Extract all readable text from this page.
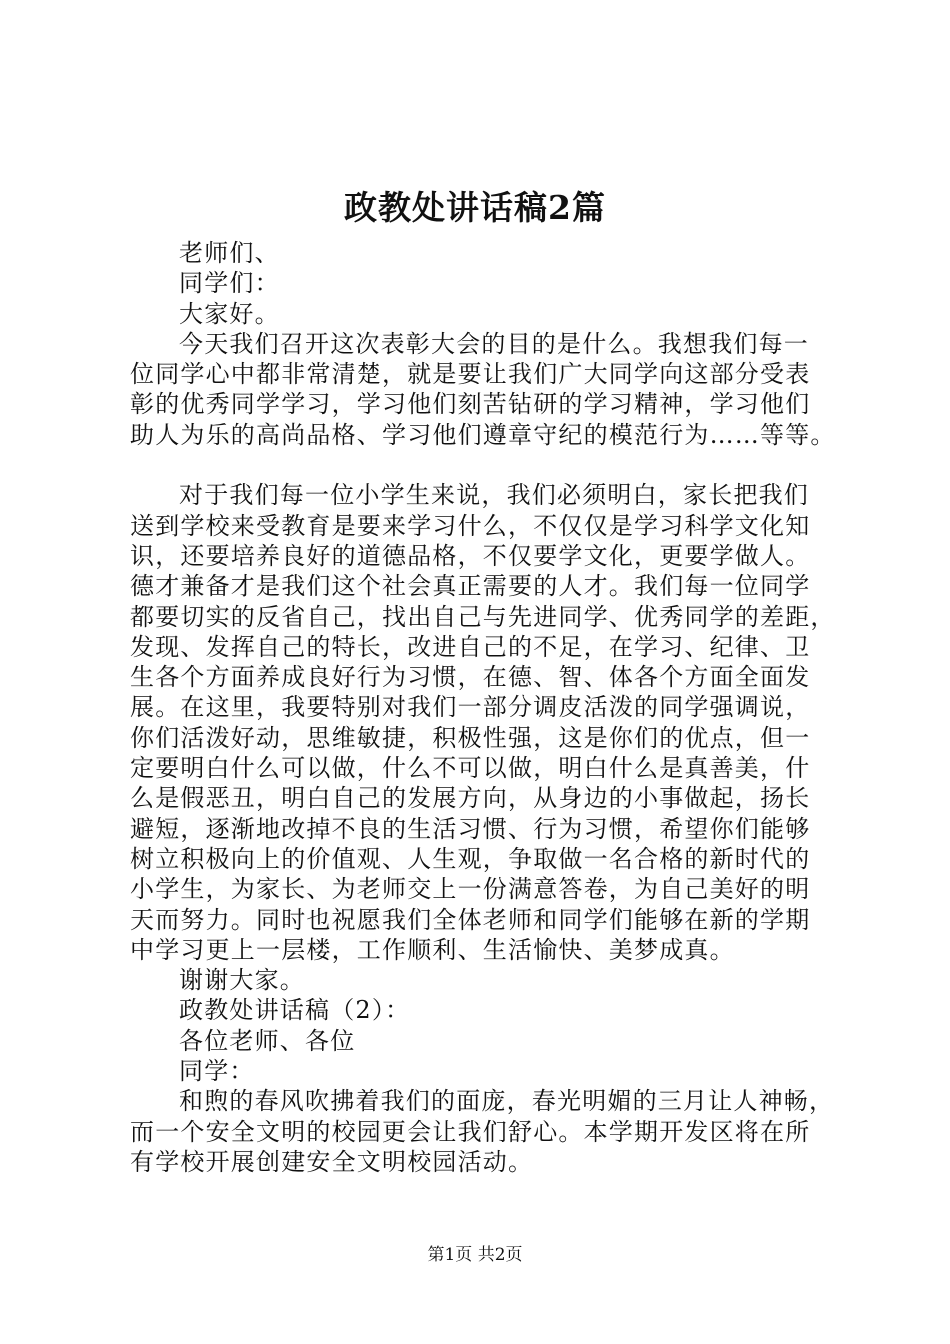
政教处讲话稿2篇
老师们、
同学们：
大家好。
今天我们召开这次表彰大会的目的是什么。我想我们每一
位同学心中都非常清楚，就是要让我们广大同学向这部分受表
彰的优秀同学学习，学习他们刻苦钻研的学习精神，学习他们
助人为乐的高尚品格、学习他们遵章守纪的模范行为……等等。
对于我们每一位小学生来说，我们必须明白，家长把我们
送到学校来受教育是要来学习什么，不仅仅是学习科学文化知
识，还要培养良好的道德品格，不仅要学文化，更要学做人。
德才兼备才是我们这个社会真正需要的人才。我们每一位同学
都要切实的反省自己，找出自己与先进同学、优秀同学的差距，
发现、发挥自己的特长，改进自己的不足，在学习、纪律、卫
生各个方面养成良好行为习惯，在德、智、体各个方面全面发
展。在这里，我要特别对我们一部分调皮活泼的同学强调说，
你们活泼好动，思维敏捷，积极性强，这是你们的优点，但一
定要明白什么可以做，什么不可以做，明白什么是真善美，什
么是假恶丑，明白自己的发展方向，从身边的小事做起，扬长
避短，逐渐地改掉不良的生活习惯、行为习惯，希望你们能够
树立积极向上的价值观、人生观，争取做一名合格的新时代的
小学生，为家长、为老师交上一份满意答卷，为自己美好的明
天而努力。同时也祝愿我们全体老师和同学们能够在新的学期
中学习更上一层楼，工作顺利、生活愉快、美梦成真。
谢谢大家。
政教处讲话稿（2）：
各位老师、各位
同学：
和煦的春风吹拂着我们的面庞，春光明媚的三月让人神畅，
而一个安全文明的校园更会让我们舒心。本学期开发区将在所
有学校开展创建安全文明校园活动。
第1页 共2页
